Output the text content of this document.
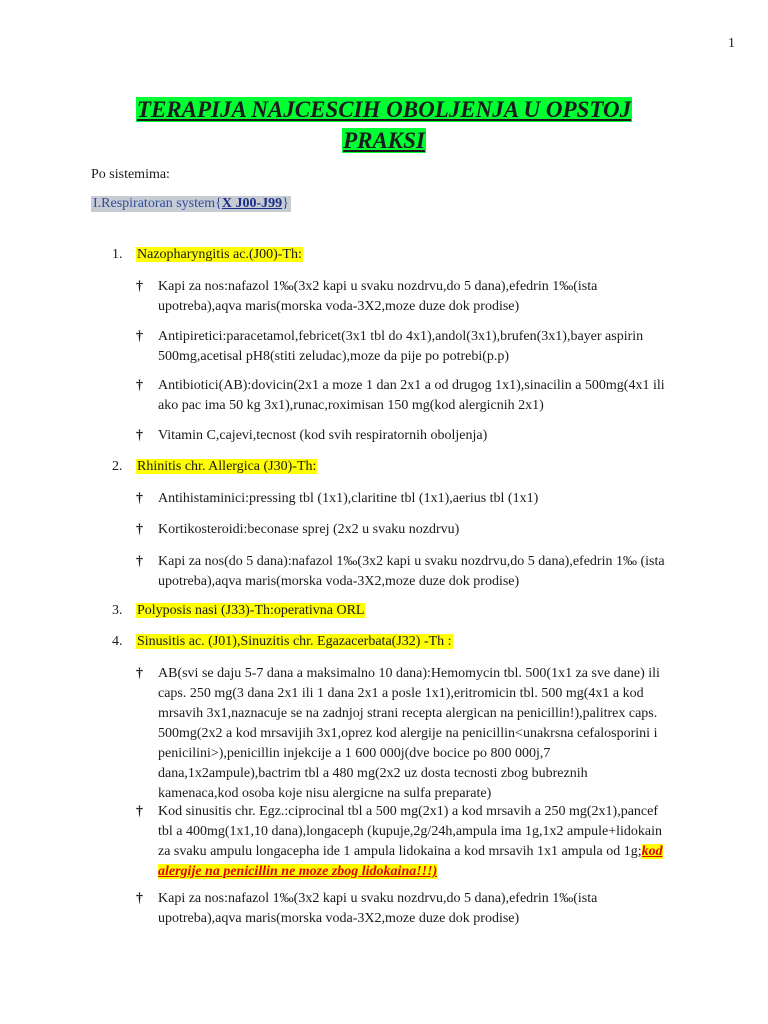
1
TERAPIJA NAJCESCIH OBOLJENJA U OPSTOJ
PRAKSI
Po sistemima:
I.Respiratoran system{X J00-J99}
1. Nazopharyngitis ac.(J00)-Th:
† Kapi za nos:nafazol 1‰(3x2 kapi u svaku nozdrvu,do 5 dana),efedrin 1‰(ista upotreba),aqva maris(morska voda-3X2,moze duze dok prodise)
† Antipiretici:paracetamol,febricet(3x1 tbl do 4x1),andol(3x1),brufen(3x1),bayer aspirin 500mg,acetisal pH8(stiti zeludac),moze da pije po potrebi(p.p)
† Antibiotici(AB):dovicin(2x1 a moze 1 dan 2x1 a od drugog 1x1),sinacilin a 500mg(4x1 ili ako pac ima 50 kg 3x1),runac,roximisan 150 mg(kod alergicnih 2x1)
† Vitamin C,cajevi,tecnost (kod svih respiratornih oboljenja)
2. Rhinitis chr. Allergica (J30)-Th:
† Antihistaminici:pressing tbl (1x1),claritine tbl (1x1),aerius tbl (1x1)
† Kortikosteroidi:beconase sprej (2x2 u svaku nozdrvu)
† Kapi za nos(do 5 dana):nafazol 1‰(3x2 kapi u svaku nozdrvu,do 5 dana),efedrin 1‰ (ista upotreba),aqva maris(morska voda-3X2,moze duze dok prodise)
3. Polyposis nasi (J33)-Th:operativna ORL
4. Sinusitis ac. (J01),Sinuzitis chr. Egazacerbata(J32) -Th :
† AB(svi se daju 5-7 dana a maksimalno 10 dana):Hemomycin tbl. 500(1x1 za sve dane) ili caps. 250 mg(3 dana 2x1 ili 1 dana 2x1 a posle 1x1),eritromicin tbl. 500 mg(4x1 a kod mrsavih 3x1,naznacuje se na zadnjoj strani recepta alergican na penicillin!),palitrex caps. 500mg(2x2 a kod mrsavijih 3x1,oprez kod alergije na penicillin<unakrsna cefalosporini i penicilini>),penicillin injekcije a 1 600 000j(dve bocice po 800 000j,7 dana,1x2ampule),bactrim tbl a 480 mg(2x2 uz dosta tecnosti zbog bubreznih kamenaca,kod osoba koje nisu alergicne na sulfa preparate)
† Kod sinusitis chr. Egz.:ciprocinal tbl a 500 mg(2x1) a kod mrsavih a 250 mg(2x1),pancef tbl a 400mg(1x1,10 dana),longaceph (kupuje,2g/24h,ampula ima 1g,1x2 ampule+lidokain za svaku ampulu longacepha ide 1 ampula lidokaina a kod mrsavih 1x1 ampula od 1g;kod alergije na penicillin ne moze zbog lidokaina!!!)
† Kapi za nos:nafazol 1‰(3x2 kapi u svaku nozdrvu,do 5 dana),efedrin 1‰(ista upotreba),aqva maris(morska voda-3X2,moze duze dok prodise)
